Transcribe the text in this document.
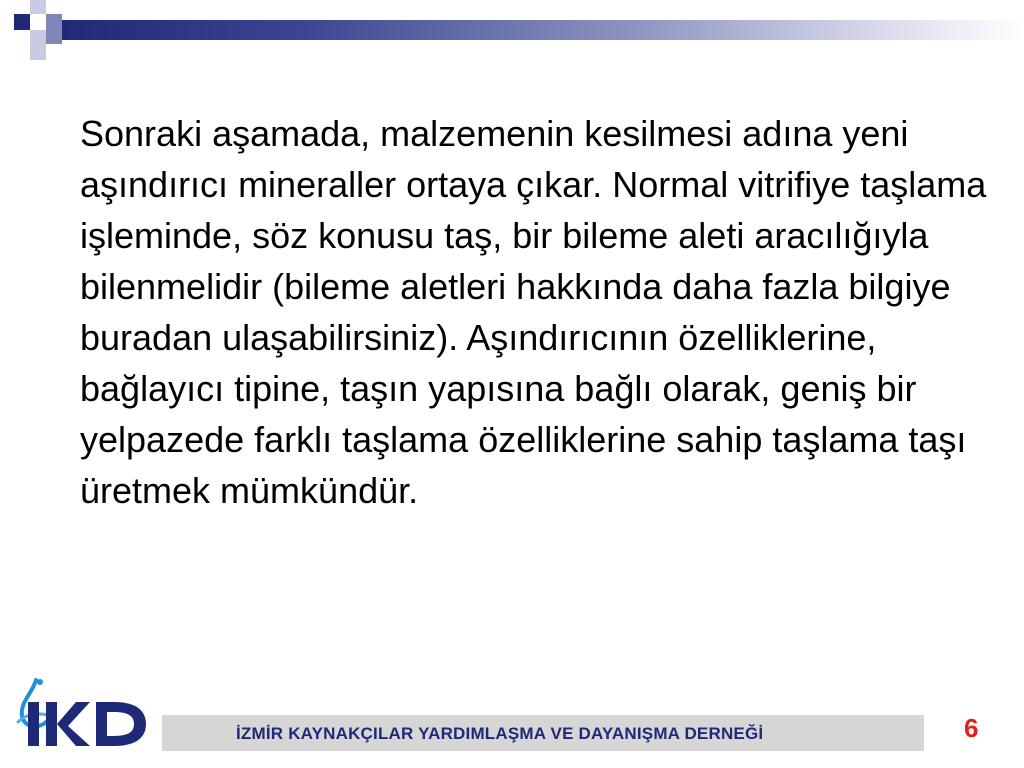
Sonraki aşamada, malzemenin kesilmesi adına yeni aşındırıcı mineraller ortaya çıkar. Normal vitrifiye taşlama işleminde, söz konusu taş, bir bileme aleti aracılığıyla bilenmelidir (bileme aletleri hakkında daha fazla bilgiye buradan ulaşabilirsiniz). Aşındırıcının özelliklerine, bağlayıcı tipine, taşın yapısına bağlı olarak, geniş bir yelpazede farklı taşlama özelliklerine sahip taşlama taşı üretmek mümkündür.

İZMİR KAYNAKÇILAR YARDIMLAŞMA VE DAYANIŞMA DERNEĞİ	6
